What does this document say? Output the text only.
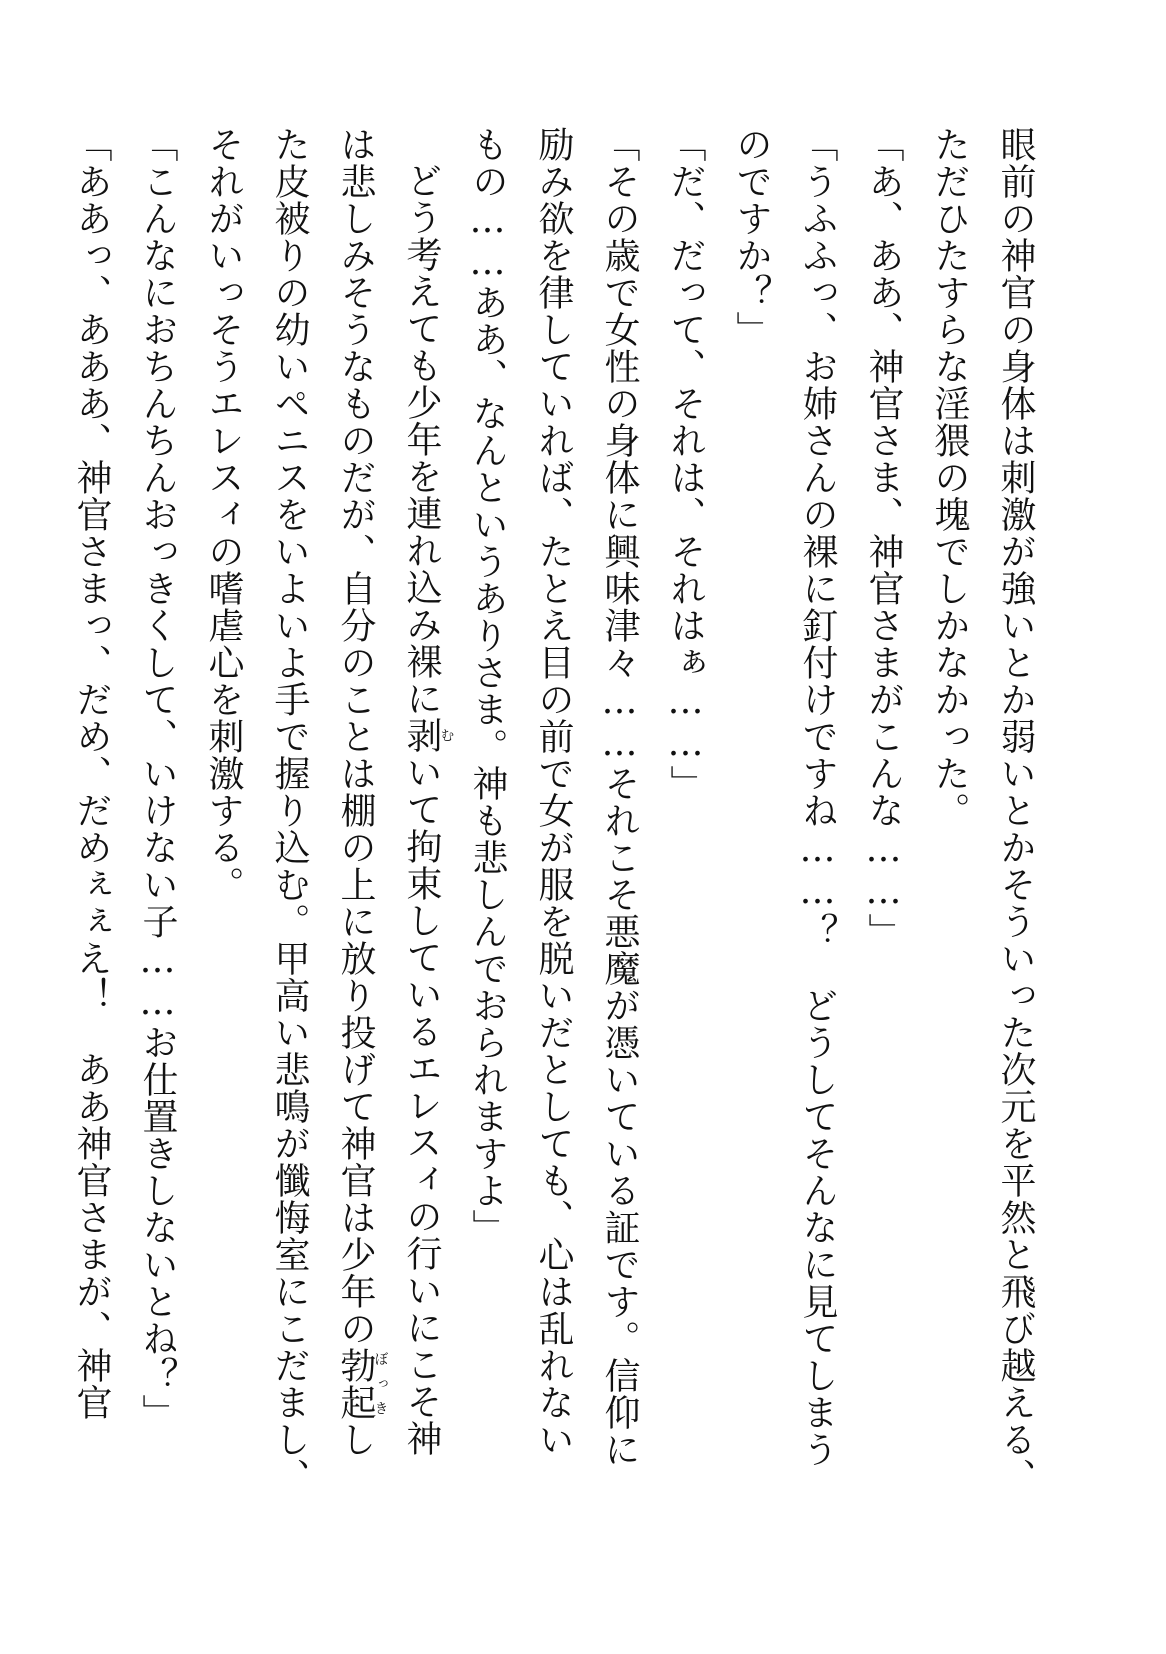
眼前の神官の身体は刺激が強いとか弱いとかそういった次元を平然と飛び越える、
ただひたすらな淫猥の塊でしかなかった。
「あ、ああ、神官さま、神官さまがこんな……」
「うふふっ、お姉さんの裸に釘付けですね……？　どうしてそんなに見てしまう
のですか？」
「だ、だって、それは、それはぁ……」
「その歳で女性の身体に興味津々……それこそ悪魔が憑いている証です。信仰に
励み欲を律していれば、たとえ目の前で女が服を脱いだとしても、心は乱れない
もの……ああ、なんというありさま。神も悲しんでおられますよ」
どう考えても少年を連れ込み裸に剥むいて拘束しているエレスィの行いにこそ神
は悲しみそうなものだが、自分のことは棚の上に放り投げて神官は少年の勃起ぼっきし
た皮被りの幼いペニスをいよいよ手で握り込む。甲高い悲鳴が懺悔室にこだまし、
それがいっそうエレスィの嗜虐心を刺激する。
「こんなにおちんちんおっきくして、いけない子……お仕置きしないとね？」
「ああっ、あああ、神官さまっ、だめ、だめぇぇえ！　ああ神官さまが、神官
